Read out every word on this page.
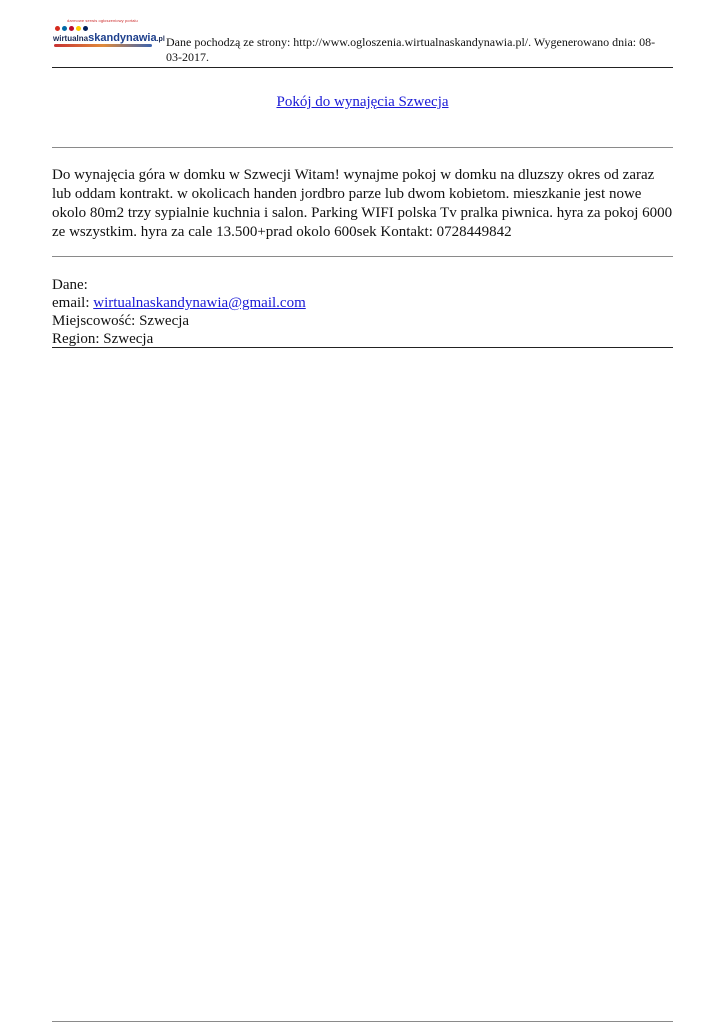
darmowe serwis ogłoszeniowy portalu
wirtualnaskandynawia.pl Dane pochodzą ze strony: http://www.ogloszenia.wirtualnaskandynawia.pl/. Wygenerowano dnia: 08-03-2017.
Pokój do wynajęcia Szwecja
Do wynajęcia góra w domku w Szwecji Witam! wynajme pokoj w domku na dluzszy okres od zaraz lub oddam kontrakt. w okolicach handen jordbro parze lub dwom kobietom. mieszkanie jest nowe okolo 80m2 trzy sypialnie kuchnia i salon. Parking WIFI polska Tv pralka piwnica. hyra za pokoj 6000 ze wszystkim. hyra za cale 13.500+prad okolo 600sek Kontakt: 0728449842
Dane:
email: wirtualnaskandynawia@gmail.com
Miejscowość: Szwecja
Region: Szwecja
